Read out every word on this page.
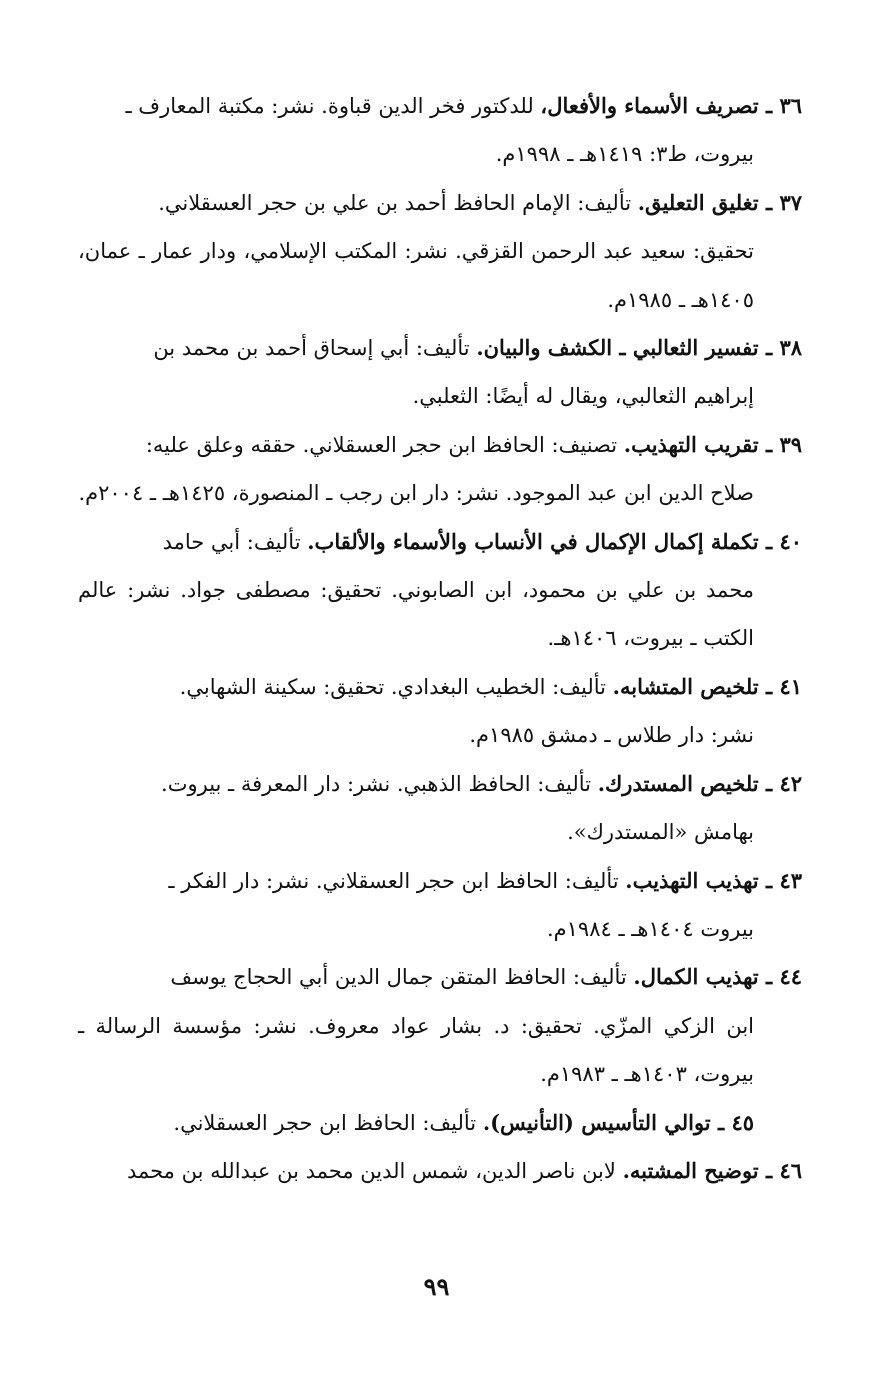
٣٦ ـ تصريف الأسماء والأفعال، للدكتور فخر الدين قباوة. نشر: مكتبة المعارف ـ
بيروت، ط٣: ١٤١٩هـ ـ ١٩٩٨م.
٣٧ ـ تغليق التعليق. تأليف: الإمام الحافظ أحمد بن علي بن حجر العسقلاني.
تحقيق: سعيد عبد الرحمن القزقي. نشر: المكتب الإسلامي، ودار عمار ـ عمان، ١٤٠٥هـ ـ ١٩٨٥م.
٣٨ ـ تفسير الثعالبي ـ الكشف والبيان. تأليف: أبي إسحاق أحمد بن محمد بن
إبراهيم الثعالبي، ويقال له أيضًا: الثعلبي.
٣٩ ـ تقريب التهذيب. تصنيف: الحافظ ابن حجر العسقلاني. حققه وعلق عليه:
صلاح الدين ابن عبد الموجود. نشر: دار ابن رجب ـ المنصورة، ١٤٢٥هـ ـ ٢٠٠٤م.
٤٠ ـ تكملة إكمال الإكمال في الأنساب والأسماء والألقاب. تأليف: أبي حامد
محمد بن علي بن محمود، ابن الصابوني. تحقيق: مصطفى جواد. نشر: عالم الكتب ـ بيروت، ١٤٠٦هـ.
٤١ ـ تلخيص المتشابه. تأليف: الخطيب البغدادي. تحقيق: سكينة الشهابي.
نشر: دار طلاس ـ دمشق ١٩٨٥م.
٤٢ ـ تلخيص المستدرك. تأليف: الحافظ الذهبي. نشر: دار المعرفة ـ بيروت.
بهامش «المستدرك».
٤٣ ـ تهذيب التهذيب. تأليف: الحافظ ابن حجر العسقلاني. نشر: دار الفكر ـ
بيروت ١٤٠٤هـ ـ ١٩٨٤م.
٤٤ ـ تهذيب الكمال. تأليف: الحافظ المتقن جمال الدين أبي الحجاج يوسف
ابن الزكي المزّي. تحقيق: د. بشار عواد معروف. نشر: مؤسسة الرسالة ـ بيروت، ١٤٠٣هـ ـ ١٩٨٣م.
٤٥ ـ توالي التأسيس (التأنيس). تأليف: الحافظ ابن حجر العسقلاني.
٤٦ ـ توضيح المشتبه. لابن ناصر الدين، شمس الدين محمد بن عبدالله بن محمد
٩٩
